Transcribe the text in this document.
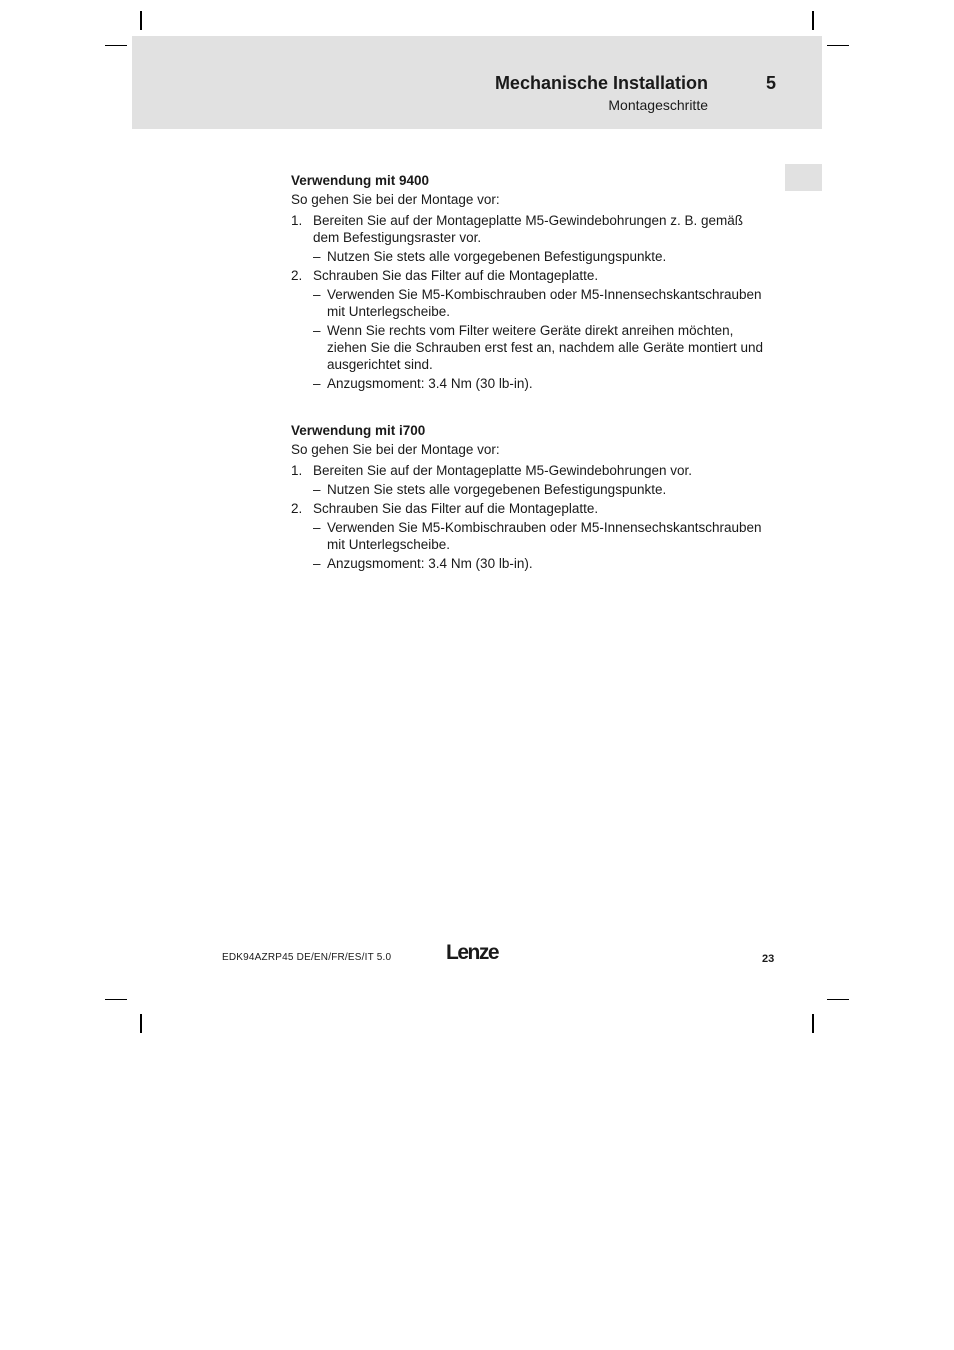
Mechanische Installation	5
Montageschritte
Verwendung mit 9400
So gehen Sie bei der Montage vor:
1. Bereiten Sie auf der Montageplatte M5-Gewindebohrungen z. B. gemäß dem Befestigungsraster vor.
– Nutzen Sie stets alle vorgegebenen Befestigungspunkte.
2. Schrauben Sie das Filter auf die Montageplatte.
– Verwenden Sie M5-Kombischrauben oder M5-Innensechskantschrauben mit Unterlegscheibe.
– Wenn Sie rechts vom Filter weitere Geräte direkt anreihen möchten, ziehen Sie die Schrauben erst fest an, nachdem alle Geräte montiert und ausgerichtet sind.
– Anzugsmoment: 3.4 Nm (30 lb-in).
Verwendung mit i700
So gehen Sie bei der Montage vor:
1. Bereiten Sie auf der Montageplatte M5-Gewindebohrungen vor.
– Nutzen Sie stets alle vorgegebenen Befestigungspunkte.
2. Schrauben Sie das Filter auf die Montageplatte.
– Verwenden Sie M5-Kombischrauben oder M5-Innensechskantschrauben mit Unterlegscheibe.
– Anzugsmoment: 3.4 Nm (30 lb-in).
EDK94AZRP45 DE/EN/FR/ES/IT 5.0	Lenze	23
